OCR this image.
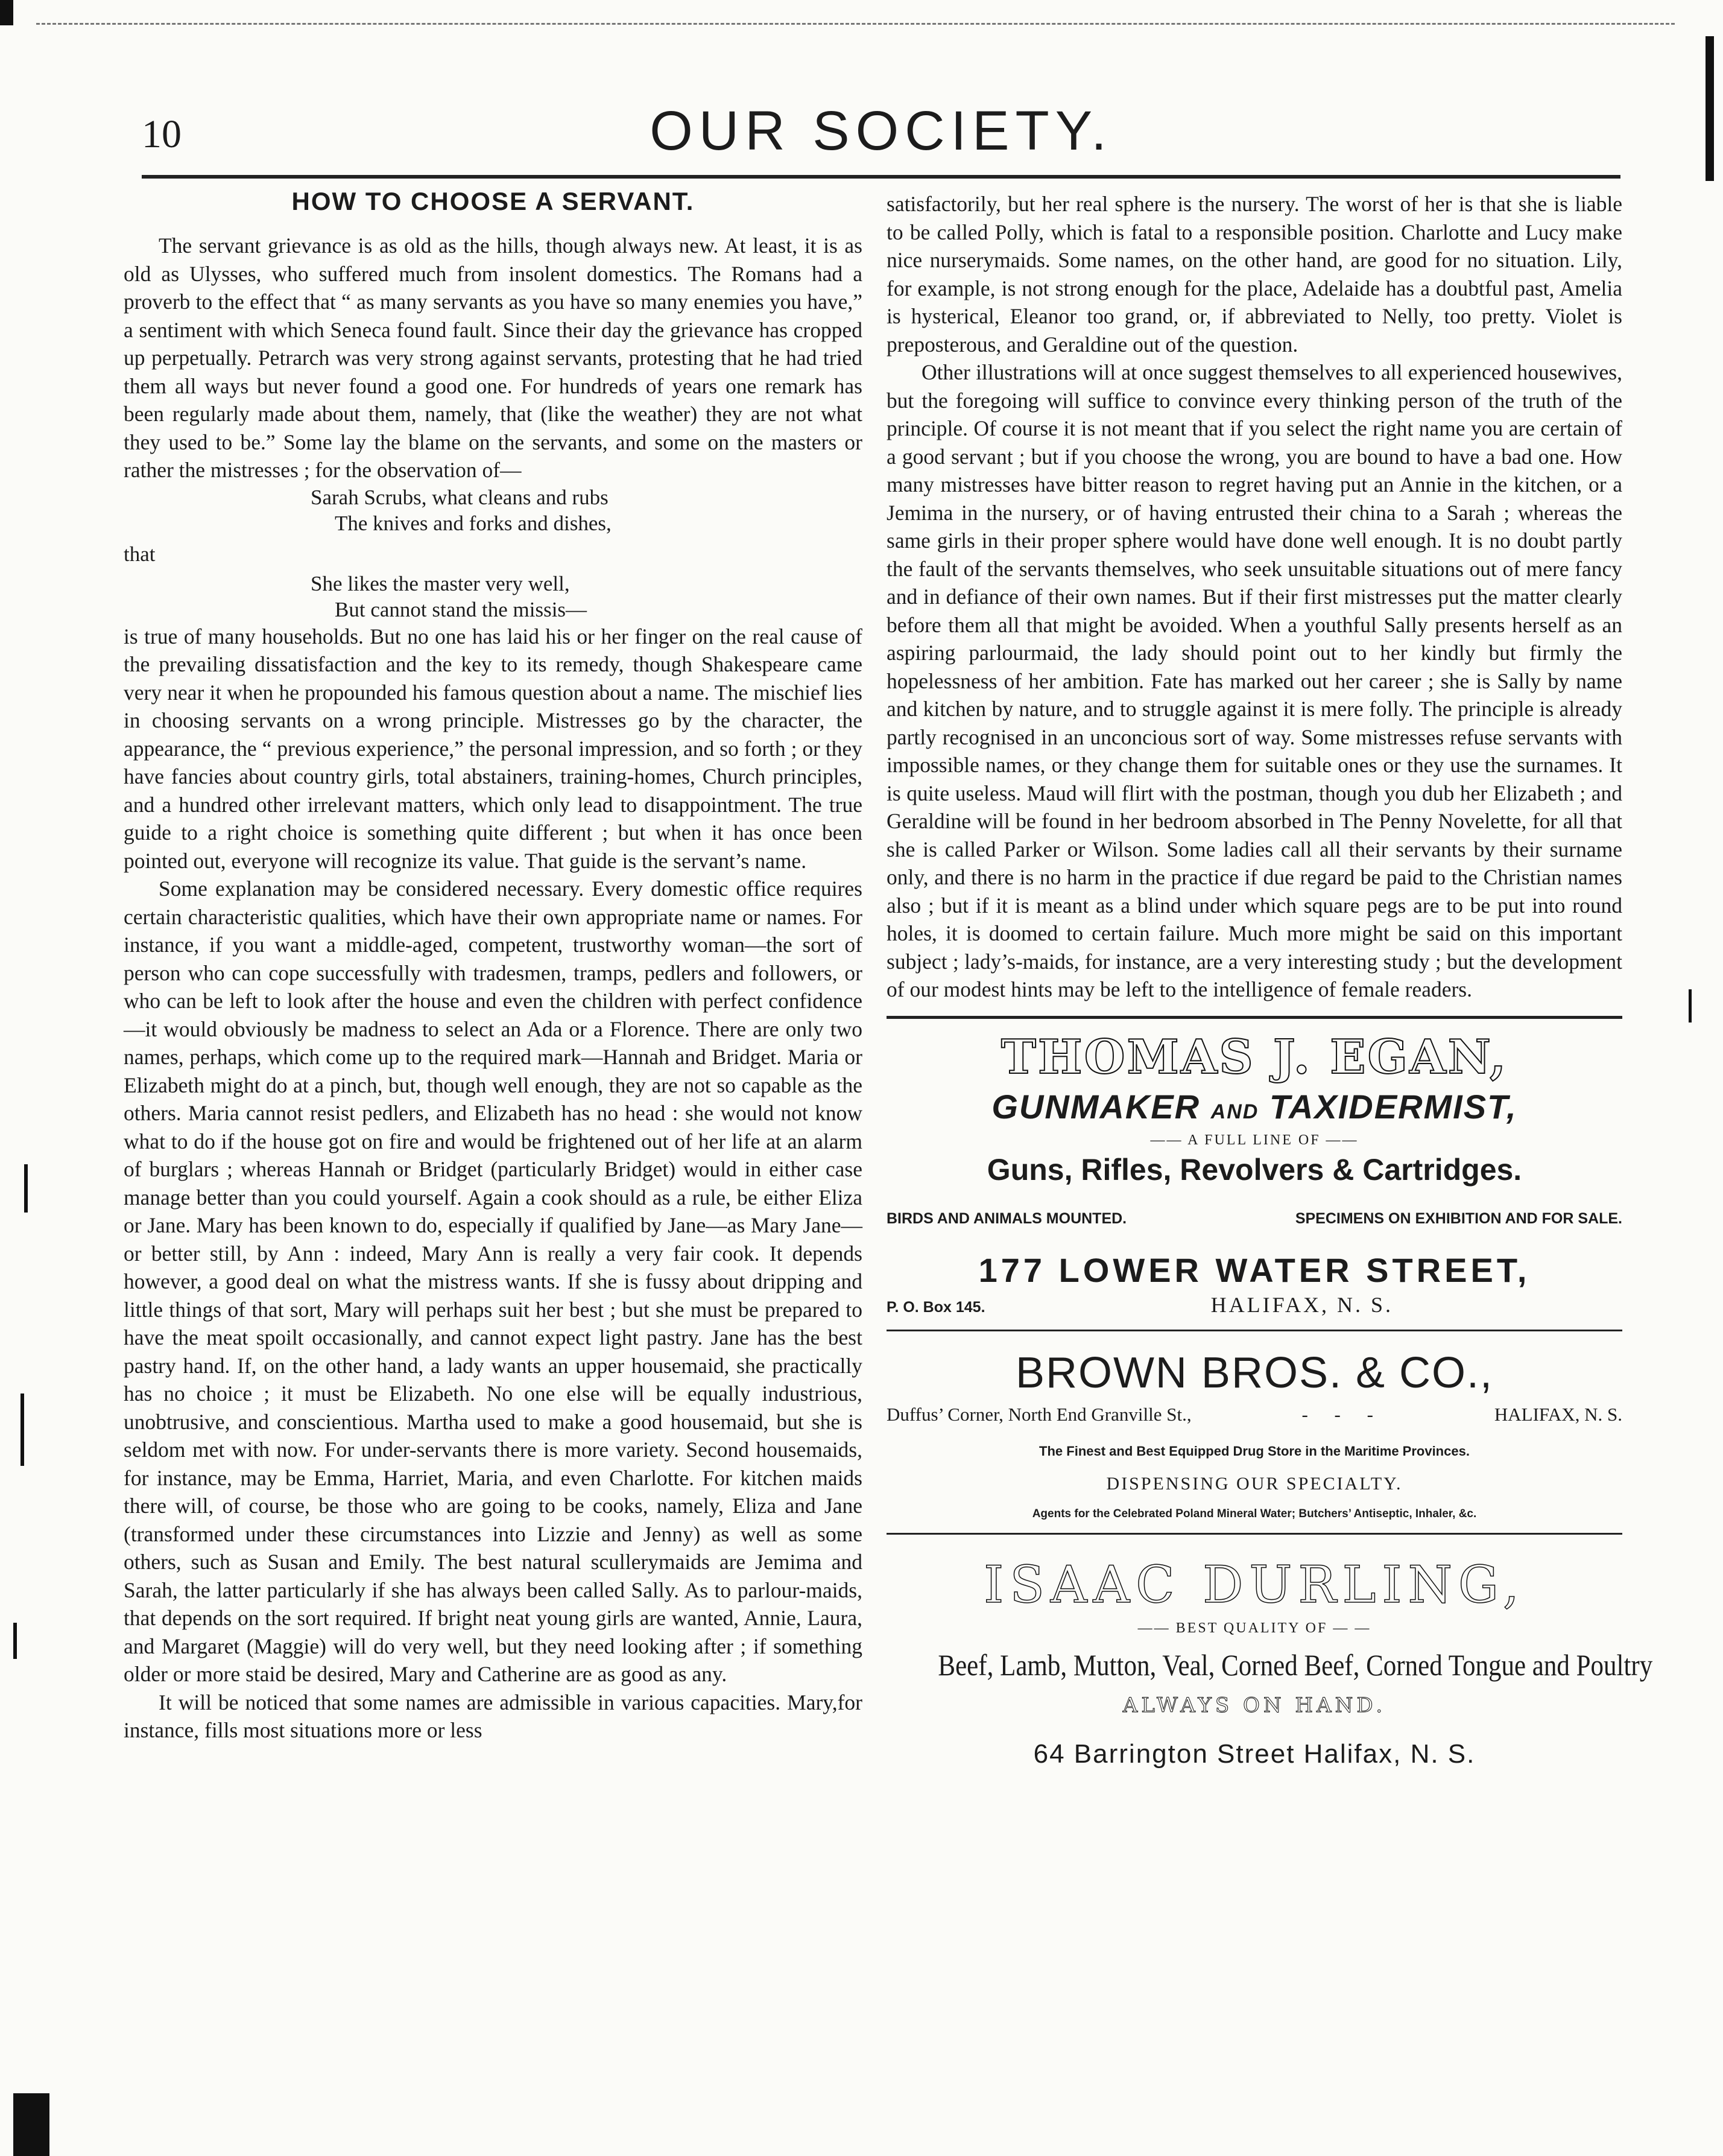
10	OUR SOCIETY.
HOW TO CHOOSE A SERVANT.

The servant grievance is as old as the hills, though always new. At least, it is as old as Ulysses, who suffered much from insolent domestics. The Romans had a proverb to the effect that “ as many servants as you have so many enemies you have,” a sentiment with which Seneca found fault. Since their day the grievance has cropped up perpetually. Petrarch was very strong against servants, protesting that he had tried them all ways but never found a good one. For hundreds of years one remark has been regularly made about them, namely, that (like the weather) they are not what they used to be.” Some lay the blame on the servants, and some on the masters or rather the mistresses ; for the observation of—

Sarah Scrubs, what cleans and rubs

The knives and forks and dishes,

that

She likes the master very well,

But cannot stand the missis—

is true of many households. But no one has laid his or her finger on the real cause of the prevailing dissatisfaction and the key to its remedy, though Shakespeare came very near it when he propounded his famous question about a name. The mischief lies in choosing servants on a wrong principle. Mistresses go by the character, the appearance, the “ previous experience,” the personal impression, and so forth ; or they have fancies about country girls, total abstainers, training-homes, Church principles, and a hundred other irrelevant matters, which only lead to disappointment. The true guide to a right choice is something quite different ; but when it has once been pointed out, everyone will recognize its value. That guide is the servant’s name.

Some explanation may be considered necessary. Every domestic office requires certain characteristic qualities, which have their own appropriate name or names. For instance, if you want a middle-aged, competent, trustworthy woman—the sort of person who can cope successfully with tradesmen, tramps, pedlers and followers, or who can be left to look after the house and even the children with perfect confidence—it would obviously be madness to select an Ada or a Florence. There are only two names, perhaps, which come up to the required mark—Hannah and Bridget. Maria or Elizabeth might do at a pinch, but, though well enough, they are not so capable as the others. Maria cannot resist pedlers, and Elizabeth has no head : she would not know what to do if the house got on fire and would be frightened out of her life at an alarm of burglars ; whereas Hannah or Bridget (particularly Bridget) would in either case manage better than you could yourself. Again a cook should as a rule, be either Eliza or Jane. Mary has been known to do, especially if qualified by Jane—as Mary Jane—or better still, by Ann : indeed, Mary Ann is really a very fair cook. It depends however, a good deal on what the mistress wants. If she is fussy about dripping and little things of that sort, Mary will perhaps suit her best ; but she must be prepared to have the meat spoilt occasionally, and cannot expect light pastry. Jane has the best pastry hand. If, on the other hand, a lady wants an upper housemaid, she practically has no choice ; it must be Elizabeth. No one else will be equally industrious, unobtrusive, and conscientious. Martha used to make a good housemaid, but she is seldom met with now. For under-servants there is more variety. Second housemaids, for instance, may be Emma, Harriet, Maria, and even Charlotte. For kitchen maids there will, of course, be those who are going to be cooks, namely, Eliza and Jane (transformed under these circumstances into Lizzie and Jenny) as well as some others, such as Susan and Emily. The best natural scullerymaids are Jemima and Sarah, the latter particularly if she has always been called Sally. As to parlour-maids, that depends on the sort required. If bright neat young girls are wanted, Annie, Laura, and Margaret (Maggie) will do very well, but they need looking after ; if something older or more staid be desired, Mary and Catherine are as good as any.

It will be noticed that some names are admissible in various capacities. Mary,for instance, fills most situations more or less

satisfactorily, but her real sphere is the nursery. The worst of her is that she is liable to be called Polly, which is fatal to a responsible position. Charlotte and Lucy make nice nurserymaids. Some names, on the other hand, are good for no situation. Lily, for example, is not strong enough for the place, Adelaide has a doubtful past, Amelia is hysterical, Eleanor too grand, or, if abbreviated to Nelly, too pretty. Violet is preposterous, and Geraldine out of the question.

Other illustrations will at once suggest themselves to all experienced housewives, but the foregoing will suffice to convince every thinking person of the truth of the principle. Of course it is not meant that if you select the right name you are certain of a good servant ; but if you choose the wrong, you are bound to have a bad one. How many mistresses have bitter reason to regret having put an Annie in the kitchen, or a Jemima in the nursery, or of having entrusted their china to a Sarah ; whereas the same girls in their proper sphere would have done well enough. It is no doubt partly the fault of the servants themselves, who seek unsuitable situations out of mere fancy and in defiance of their own names. But if their first mistresses put the matter clearly before them all that might be avoided. When a youthful Sally presents herself as an aspiring parlourmaid, the lady should point out to her kindly but firmly the hopelessness of her ambition. Fate has marked out her career ; she is Sally by name and kitchen by nature, and to struggle against it is mere folly. The principle is already partly recognised in an unconcious sort of way. Some mistresses refuse servants with impossible names, or they change them for suitable ones or they use the surnames. It is quite useless. Maud will flirt with the postman, though you dub her Elizabeth ; and Geraldine will be found in her bedroom absorbed in The Penny Novelette, for all that she is called Parker or Wilson. Some ladies call all their servants by their surname only, and there is no harm in the practice if due regard be paid to the Christian names also ; but if it is meant as a blind under which square pegs are to be put into round holes, it is doomed to certain failure. Much more might be said on this important subject ; lady’s-maids, for instance, are a very interesting study ; but the development of our modest hints may be left to the intelligence of female readers.

THOMAS J. EGAN,
GUNMAKER AND TAXIDERMIST,
—— A FULL LINE OF ——
Guns, Rifles, Revolvers & Cartridges.
BIRDS AND ANIMALS MOUNTED.	SPECIMENS ON EXHIBITION AND FOR SALE.
177 LOWER WATER STREET,
P. O. Box 145.	HALIFAX, N. S.
BROWN BROS. & CO.,
Duffus’ Corner, North End Granville St.,	- - -	HALIFAX, N. S.
The Finest and Best Equipped Drug Store in the Maritime Provinces.
DISPENSING OUR SPECIALTY.
Agents for the Celebrated Poland Mineral Water; Butchers’ Antiseptic, Inhaler, &c.
ISAAC DURLING,
—— BEST QUALITY OF — —
Beef, Lamb, Mutton, Veal, Corned Beef, Corned Tongue and Poultry
ALWAYS ON HAND.
64 Barrington Street Halifax, N. S.
